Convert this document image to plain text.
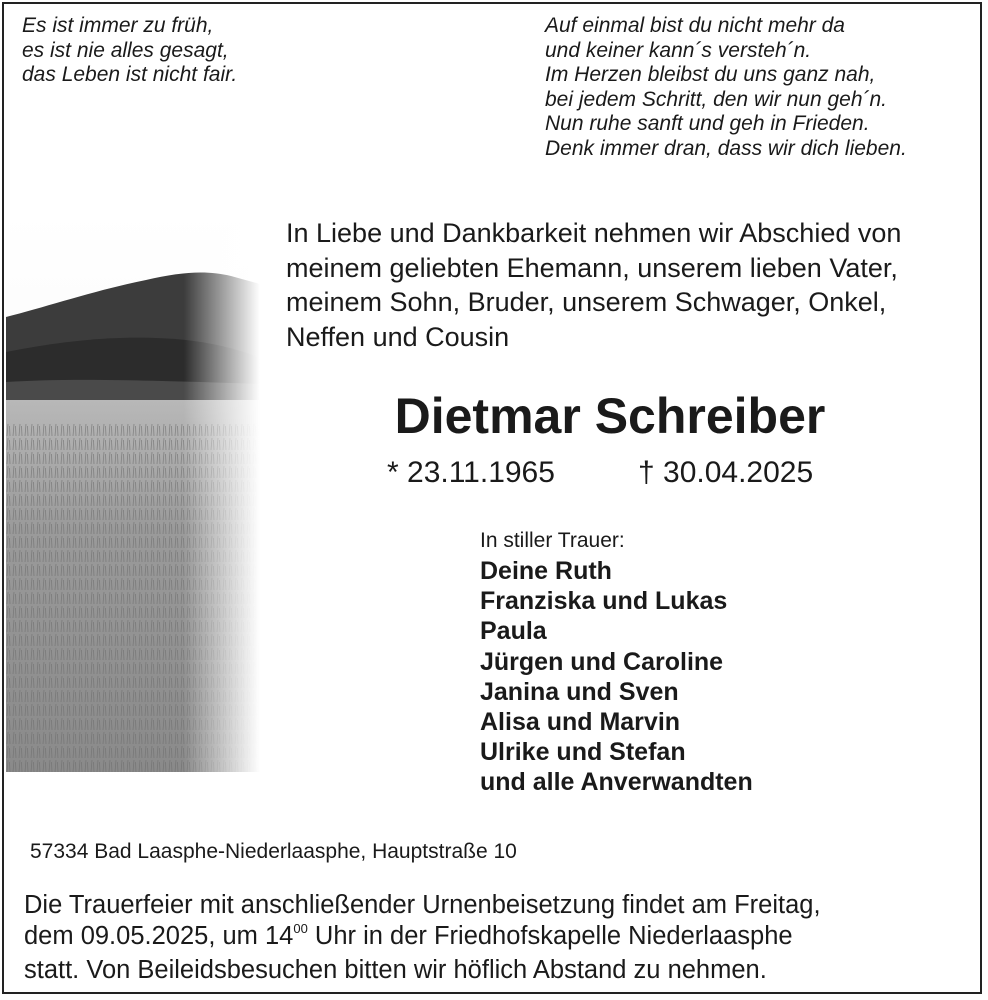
Es ist immer zu früh,
es ist nie alles gesagt,
das Leben ist nicht fair.
Auf einmal bist du nicht mehr da
und keiner kann´s versteh´n.
Im Herzen bleibst du uns ganz nah,
bei jedem Schritt, den wir nun geh´n.
Nun ruhe sanft und geh in Frieden.
Denk immer dran, dass wir dich lieben.
In Liebe und Dankbarkeit nehmen wir Abschied von
meinem geliebten Ehemann, unserem lieben Vater,
meinem Sohn, Bruder, unserem Schwager, Onkel,
Neffen und Cousin
Dietmar Schreiber
* 23.11.1965	† 30.04.2025
In stiller Trauer:
Deine Ruth
Franziska und Lukas
Paula
Jürgen und Caroline
Janina und Sven
Alisa und Marvin
Ulrike und Stefan
und alle Anverwandten
57334 Bad Laasphe-Niederlaasphe, Hauptstraße 10
Die Trauerfeier mit anschließender Urnenbeisetzung findet am Freitag,
dem 09.05.2025, um $14^{00}$ Uhr in der Friedhofskapelle Niederlaasphe
statt. Von Beileidsbesuchen bitten wir höflich Abstand zu nehmen.
